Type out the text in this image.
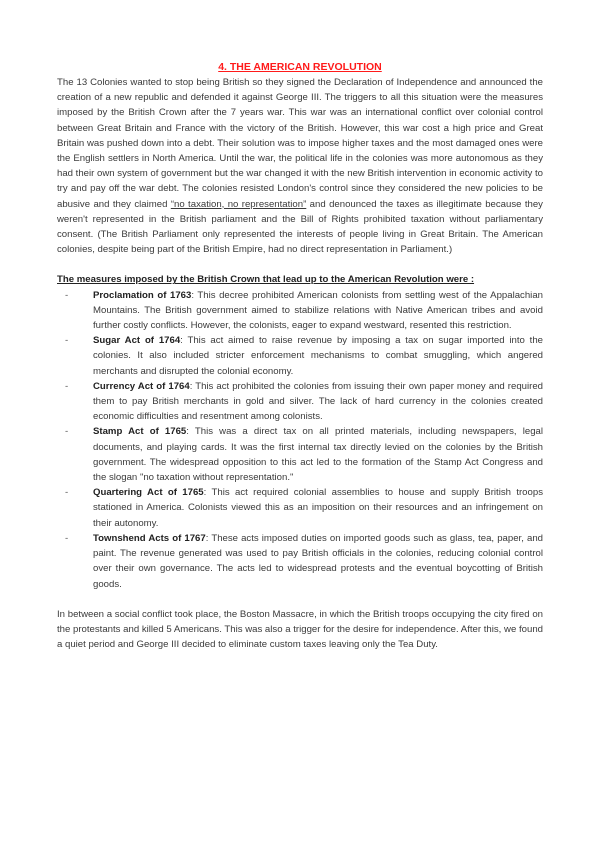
4. THE AMERICAN REVOLUTION

The 13 Colonies wanted to stop being British so they signed the Declaration of Independence and announced the creation of a new republic and defended it against George III. The triggers to all this situation were the measures imposed by the British Crown after the 7 years war. This war was an international conflict over colonial control between Great Britain and France with the victory of the British. However, this war cost a high price and Great Britain was pushed down into a debt. Their solution was to impose higher taxes and the most damaged ones were the English settlers in North America. Until the war, the political life in the colonies was more autonomous as they had their own system of government but the war changed it with the new British intervention in economic activity to try and pay off the war debt. The colonies resisted London's control since they considered the new policies to be abusive and they claimed “no taxation, no representation” and denounced the taxes as illegitimate because they weren't represented in the British parliament and the Bill of Rights prohibited taxation without parliamentary consent. (The British Parliament only represented the interests of people living in Great Britain. The American colonies, despite being part of the British Empire, had no direct representation in Parliament.)

The measures imposed by the British Crown that lead up to the American Revolution were :
-	Proclamation of 1763: This decree prohibited American colonists from settling west of the Appalachian Mountains. The British government aimed to stabilize relations with Native American tribes and avoid further costly conflicts. However, the colonists, eager to expand westward, resented this restriction.
-	Sugar Act of 1764: This act aimed to raise revenue by imposing a tax on sugar imported into the colonies. It also included stricter enforcement mechanisms to combat smuggling, which angered merchants and disrupted the colonial economy.
-	Currency Act of 1764: This act prohibited the colonies from issuing their own paper money and required them to pay British merchants in gold and silver. The lack of hard currency in the colonies created economic difficulties and resentment among colonists.
-	Stamp Act of 1765: This was a direct tax on all printed materials, including newspapers, legal documents, and playing cards. It was the first internal tax directly levied on the colonies by the British government. The widespread opposition to this act led to the formation of the Stamp Act Congress and the slogan "no taxation without representation."
-	Quartering Act of 1765: This act required colonial assemblies to house and supply British troops stationed in America. Colonists viewed this as an imposition on their resources and an infringement on their autonomy.
-	Townshend Acts of 1767: These acts imposed duties on imported goods such as glass, tea, paper, and paint. The revenue generated was used to pay British officials in the colonies, reducing colonial control over their own governance. The acts led to widespread protests and the eventual boycotting of British goods.

In between a social conflict took place, the Boston Massacre, in which the British troops occupying the city fired on the protestants and killed 5 Americans. This was also a trigger for the desire for independence. After this, we found a quiet period and George III decided to eliminate custom taxes leaving only the Tea Duty.
